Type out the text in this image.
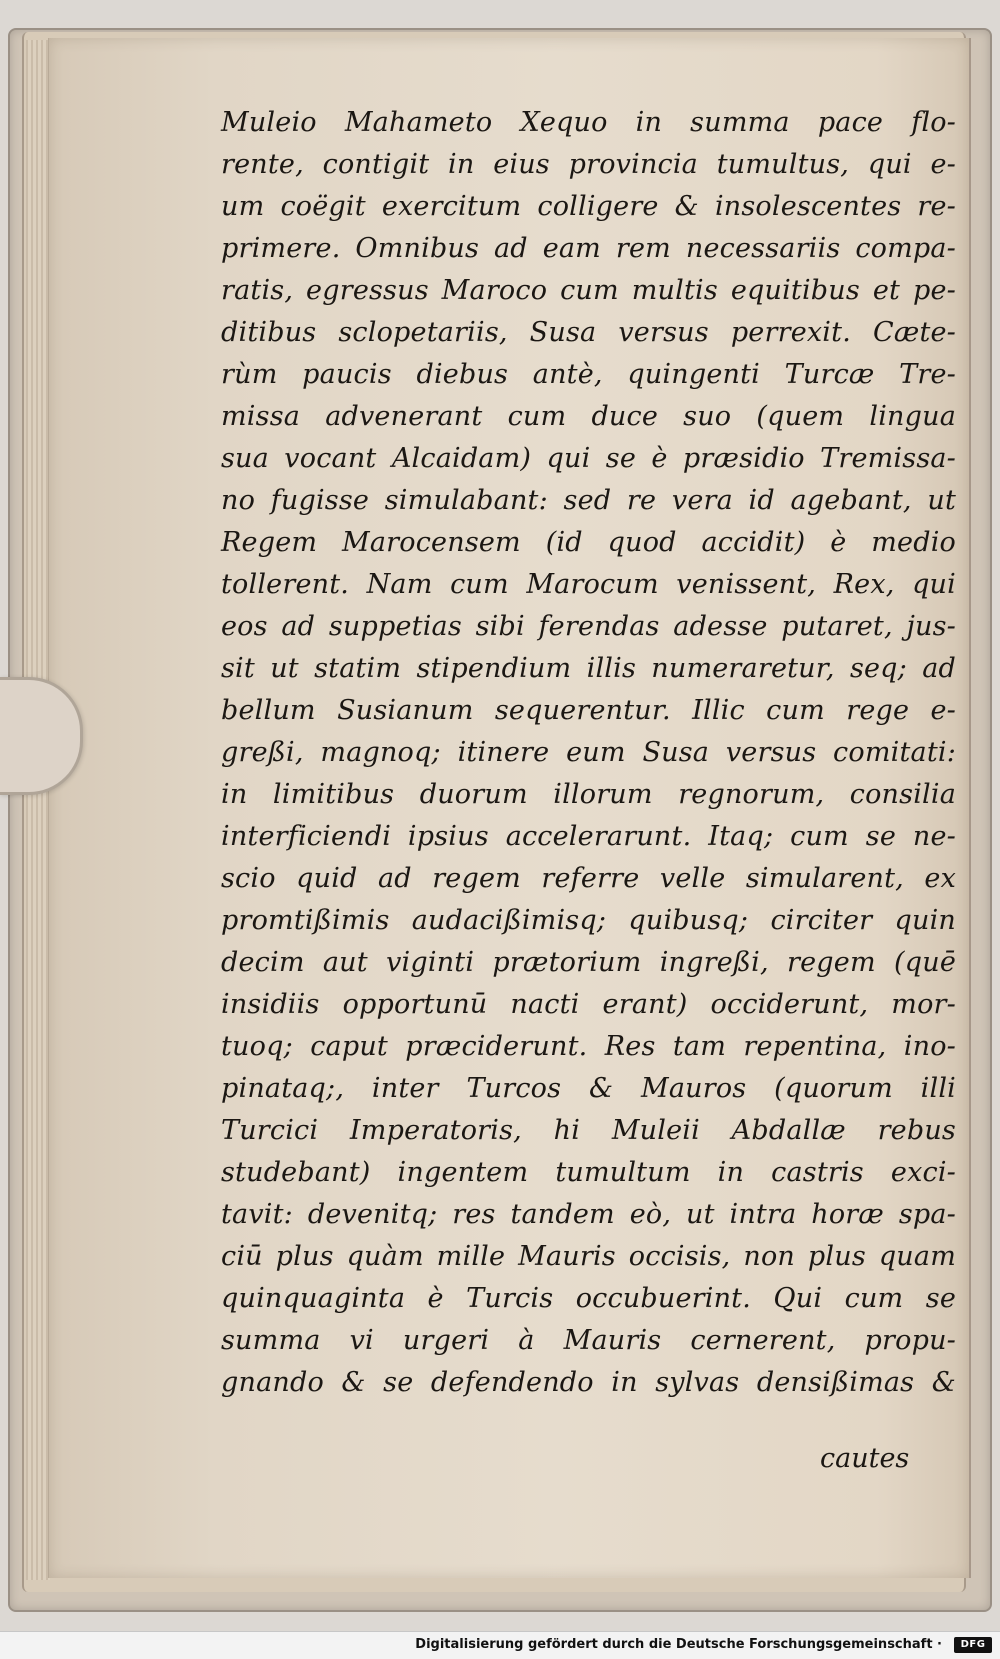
Muleio Mahameto Xequo in summa pace flo-
rente, contigit in eius provincia tumultus, qui e-
um coëgit exercitum colligere & insolescentes re-
primere. Omnibus ad eam rem necessariis compa-
ratis, egressus Maroco cum multis equitibus et pe-
ditibus sclopetariis, Susa versus perrexit. Cæte-
rùm paucis diebus antè, quingenti Turcæ Tre-
missa advenerant cum duce suo (quem lingua
sua vocant Alcaidam) qui se è præsidio Tremissa-
no fugisse simulabant: sed re vera id agebant, ut
Regem Marocensem (id quod accidit) è medio
tollerent. Nam cum Marocum venissent, Rex, qui
eos ad suppetias sibi ferendas adesse putaret, jus-
sit ut statim stipendium illis numeraretur, seq; ad
bellum Susianum sequerentur. Illic cum rege e-
greßi, magnoq; itinere eum Susa versus comitati:
in limitibus duorum illorum regnorum, consilia
interficiendi ipsius accelerarunt. Itaq; cum se ne-
scio quid ad regem referre velle simularent, ex
promtißimis audacißimisq; quibusq; circiter quin
decim aut viginti prætorium ingreßi, regem (quē
insidiis opportunū nacti erant) occiderunt, mor-
tuoq; caput præciderunt. Res tam repentina, ino-
pinataq;, inter Turcos & Mauros (quorum illi
Turcici Imperatoris, hi Muleii Abdallæ rebus
studebant) ingentem tumultum in castris exci-
tavit: devenitq; res tandem eò, ut intra horæ spa-
ciū plus quàm mille Mauris occisis, non plus quam
quinquaginta è Turcis occubuerint. Qui cum se
summa vi urgeri à Mauris cernerent, propu-
gnando & se defendendo in sylvas densißimas &
cautes
Digitalisierung gefördert durch die Deutsche Forschungsgemeinschaft ·	DFG
